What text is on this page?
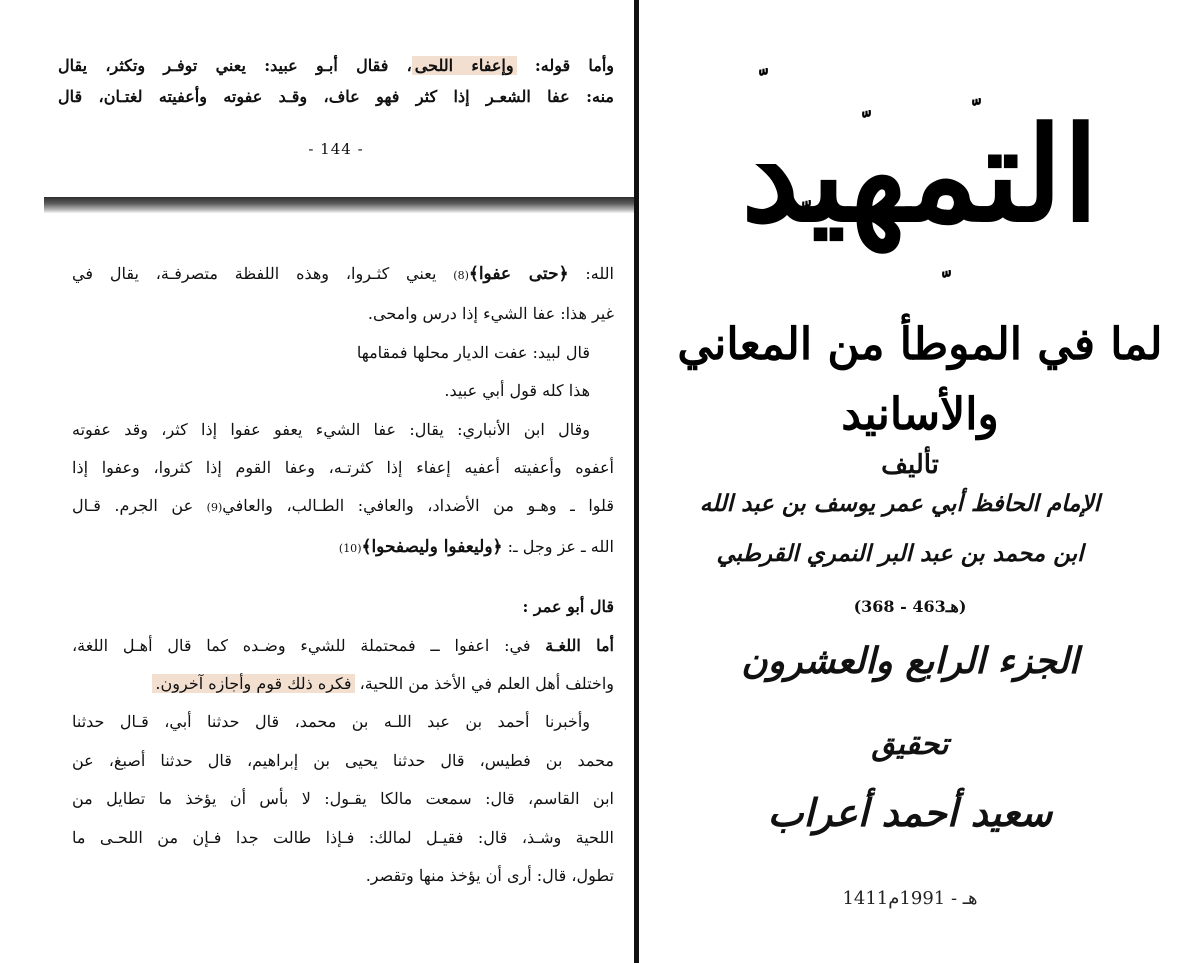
وأما قوله: وإعفاء اللحى، فقال أبـو عبيد: يعني توفـر وتكثر، يقال
منه: عفا الشعـر إذا كثر فهو عاف، وقـد عفوته وأعفيته لغتـان، قال
- 144 -
الله: ﴿حتى عفوا﴾(8) يعني كثـروا، وهذه اللفظة متصرفـة، يقال في
غير هذا: عفا الشيء إذا درس وامحى.
قال لبيد: عفت الديار محلها فمقامها
هذا كله قول أبي عبيد.
وقال ابن الأنباري: يقال: عفا الشيء يعفو عفوا إذا كثر، وقد عفوته
أعفوه وأعفيته أعفيه إعفاء إذا كثرتـه، وعفا القوم إذا كثروا، وعفوا إذا
قلوا ـ وهـو من الأضداد، والعافي: الطـالب، والعافي(9) عن الجرم. قـال
الله ـ عز وجل ـ: ﴿وليعفوا وليصفحوا﴾(10)
قال أبو عمر :
أما اللغـة في: اعفوا ــ فمحتملة للشيء وضـده كما قال أهـل اللغة،
واختلف أهل العلم في الأخذ من اللحية، فكره ذلك قوم وأجازه آخرون.
وأخبرنا أحمد بن عبد اللـه بن محمد، قال حدثنا أبي، قـال حدثنا
محمد بن فطيس، قال حدثنا يحيى بن إبراهيم، قال حدثنا أصبغ، عن
ابن القاسم، قال: سمعت مالكا يقـول: لا بأس أن يؤخذ ما تطايل من
اللحية وشـذ، قال: فقيـل لمالك: فـإذا طالت جدا فـإن من اللحـى ما
تطول، قال: أرى أن يؤخذ منها وتقصر.
التمهيد
لما في الموطأ من المعاني والأسانيد
تأليف
الإمام الحافظ أبي عمر يوسف بن عبد الله
ابن محمد بن عبد البر النمري القرطبي
(368 - 463هـ)
الجزء الرابع والعشرون
تحقيق
سعيد أحمد أعراب
1411هـ - 1991م
